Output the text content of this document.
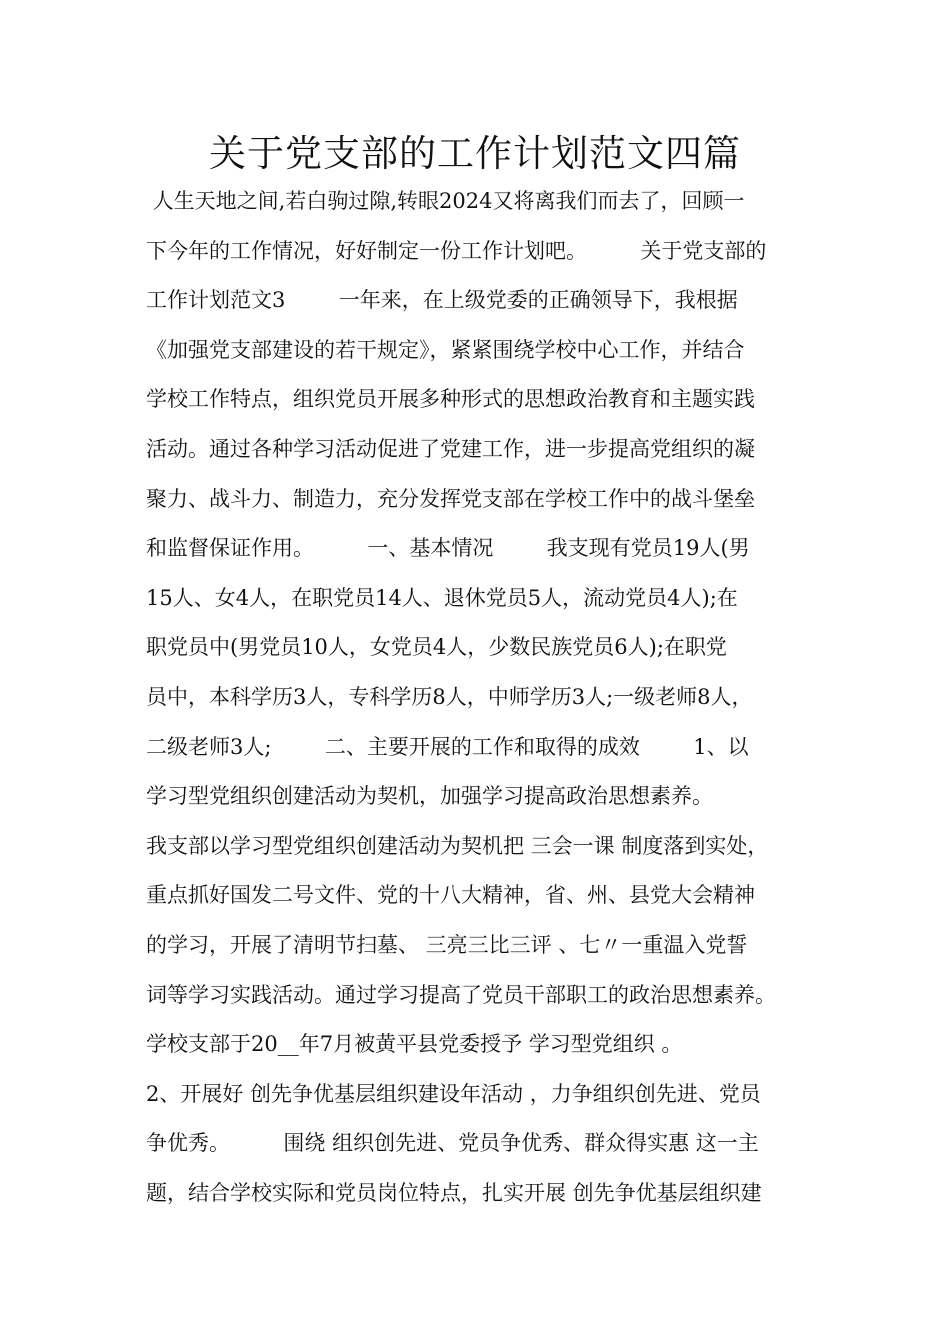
关于党支部的工作计划范文四篇
人生天地之间,若白驹过隙,转眼2024又将离我们而去了，回顾一
下今年的工作情况，好好制定一份工作计划吧。        关于党支部的
工作计划范文3        一年来，在上级党委的正确领导下，我根据
《加强党支部建设的若干规定》，紧紧围绕学校中心工作，并结合
学校工作特点，组织党员开展多种形式的思想政治教育和主题实践
活动。通过各种学习活动促进了党建工作，进一步提高党组织的凝
聚力、战斗力、制造力，充分发挥党支部在学校工作中的战斗堡垒
和监督保证作用。        一、基本情况        我支现有党员19人(男
15人、女4人，在职党员14人、退休党员5人，流动党员4人);在
职党员中(男党员10人，女党员4人，少数民族党员6人);在职党
员中，本科学历3人，专科学历8人，中师学历3人;一级老师8人，
二级老师3人;        二、主要开展的工作和取得的成效        1、以
学习型党组织创建活动为契机，加强学习提高政治思想素养。
我支部以学习型党组织创建活动为契机把 三会一课 制度落到实处，
重点抓好国发二号文件、党的十八大精神，省、州、县党大会精神
的学习，开展了清明节扫墓、 三亮三比三评 、七〃一重温入党誓
词等学习实践活动。通过学习提高了党员干部职工的政治思想素养。
学校支部于20__年7月被黄平县党委授予 学习型党组织 。
2、开展好 创先争优基层组织建设年活动 ，力争组织创先进、党员
争优秀。        围绕 组织创先进、党员争优秀、群众得实惠 这一主
题，结合学校实际和党员岗位特点，扎实开展 创先争优基层组织建
